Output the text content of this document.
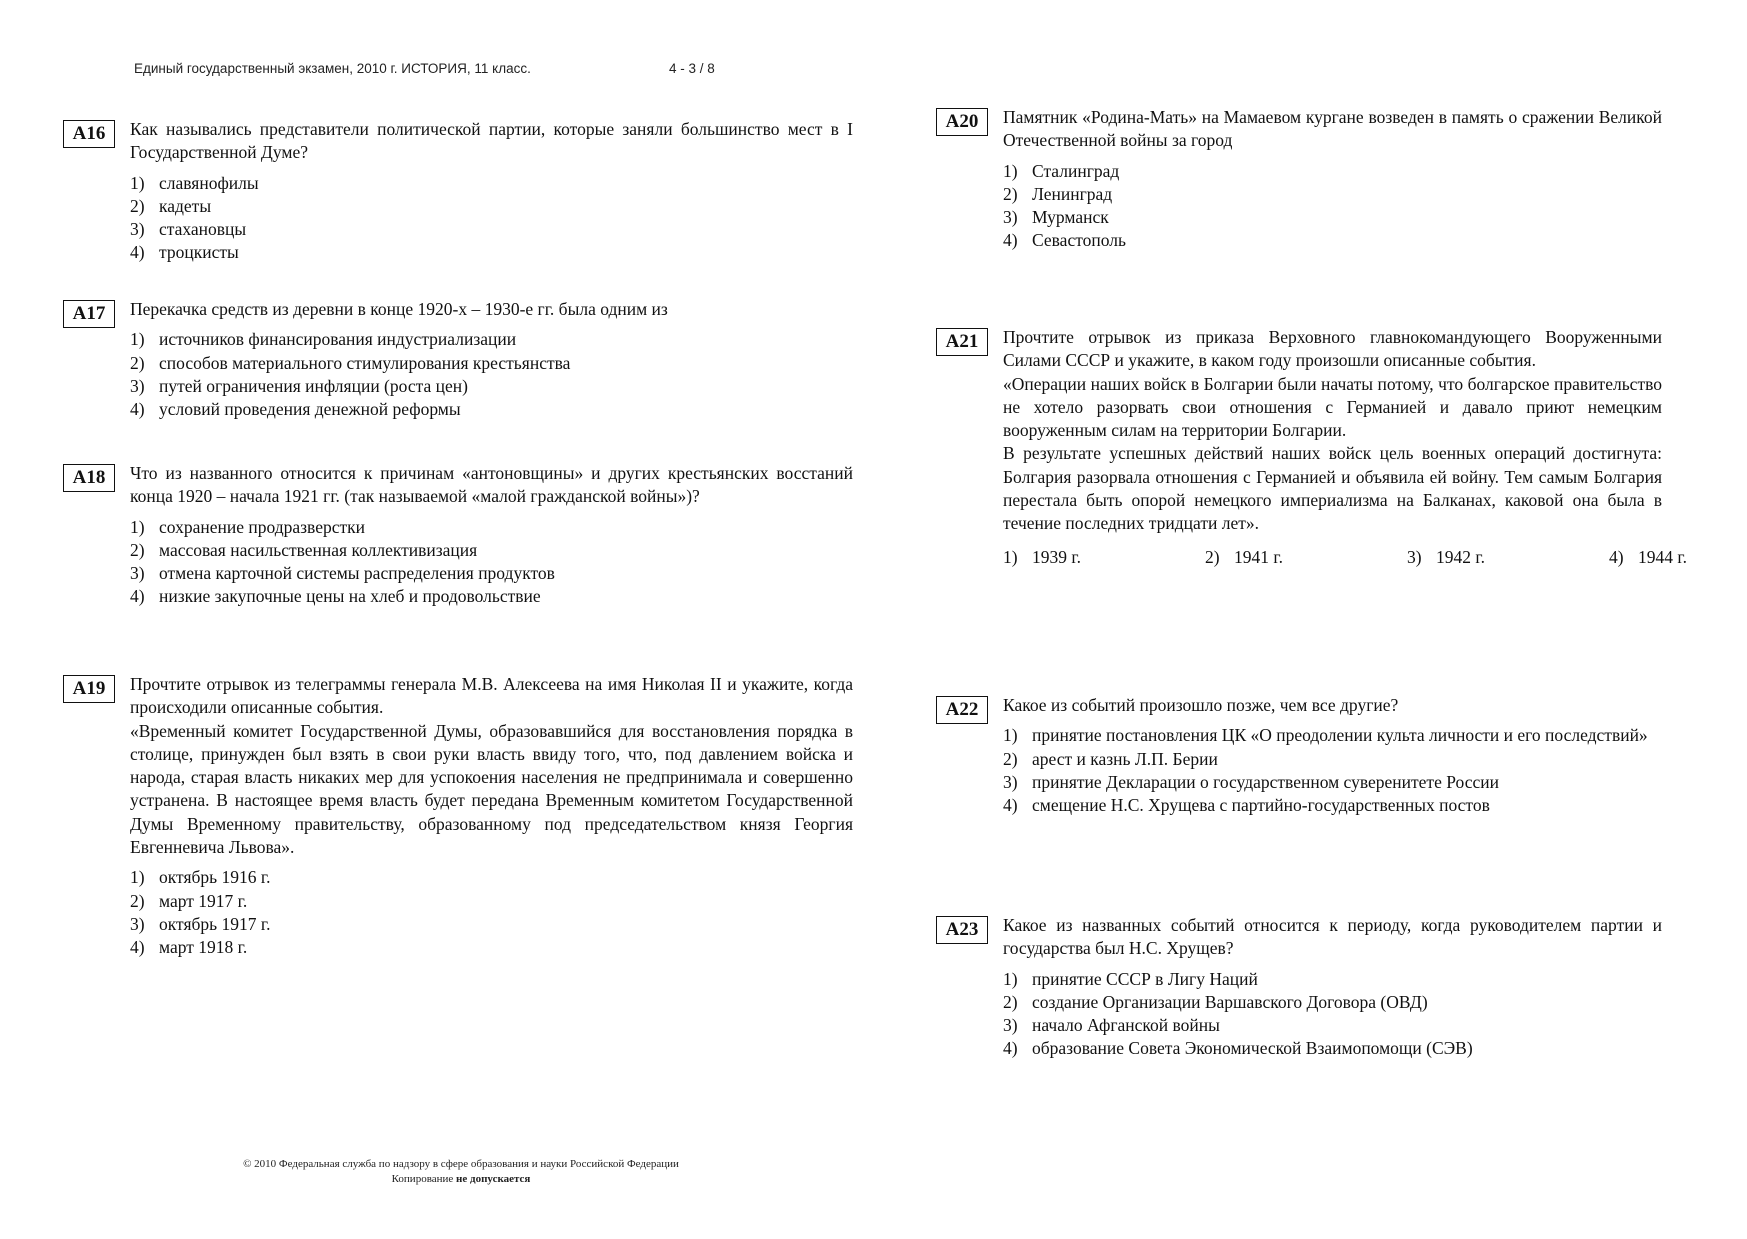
Единый государственный экзамен, 2010 г. ИСТОРИЯ, 11 класс.	4 - 3 / 8
A16	Как назывались представители политической партии, которые заняли большинство мест в I Государственной Думе?

1) славянофилы
2) кадеты
3) стахановцы
4) троцкисты
A17	Перекачка средств из деревни в конце 1920-х – 1930-е гг. была одним из

1) источников финансирования индустриализации
2) способов материального стимулирования крестьянства
3) путей ограничения инфляции (роста цен)
4) условий проведения денежной реформы
A18	Что из названного относится к причинам «антоновщины» и других крестьянских восстаний конца 1920 – начала 1921 гг. (так называемой «малой гражданской войны»)?

1) сохранение продразверстки
2) массовая насильственная коллективизация
3) отмена карточной системы распределения продуктов
4) низкие закупочные цены на хлеб и продовольствие
A19	Прочтите отрывок из телеграммы генерала М.В. Алексеева на имя Николая II и укажите, когда происходили описанные события.

«Временный комитет Государственной Думы, образовавшийся для восстановления порядка в столице, принужден был взять в свои руки власть ввиду того, что, под давлением войска и народа, старая власть никаких мер для успокоения населения не предпринимала и совершенно устранена. В настоящее время власть будет передана Временным комитетом Государственной Думы Временному правительству, образованному под председательством князя Георгия Евгенневича Львова».

1) октябрь 1916 г.
2) март 1917 г.
3) октябрь 1917 г.
4) март 1918 г.
A20	Памятник «Родина-Мать» на Мамаевом кургане возведен в память о сражении Великой Отечественной войны за город

1) Сталинград
2) Ленинград
3) Мурманск
4) Севастополь
A21	Прочтите отрывок из приказа Верховного главнокомандующего Вооруженными Силами СССР и укажите, в каком году произошли описанные события.

«Операции наших войск в Болгарии были начаты потому, что болгарское правительство не хотело разорвать свои отношения с Германией и давало приют немецким вооруженным силам на территории Болгарии.

В результате успешных действий наших войск цель военных операций достигнута: Болгария разорвала отношения с Германией и объявила ей войну. Тем самым Болгария перестала быть опорой немецкого империализма на Балканах, каковой она была в течение последних тридцати лет».

1) 1939 г.	2) 1941 г.	3) 1942 г.	4) 1944 г.
A22	Какое из событий произошло позже, чем все другие?

1) принятие постановления ЦК «О преодолении культа личности и его последствий»
2) арест и казнь Л.П. Берии
3) принятие Декларации о государственном суверенитете России
4) смещение Н.С. Хрущева с партийно-государственных постов
A23	Какое из названных событий относится к периоду, когда руководителем партии и государства был Н.С. Хрущев?

1) принятие СССР в Лигу Наций
2) создание Организации Варшавского Договора (ОВД)
3) начало Афганской войны
4) образование Совета Экономической Взаимопомощи (СЭВ)
© 2010 Федеральная служба по надзору в сфере образования и науки Российской Федерации
Копирование не допускается
